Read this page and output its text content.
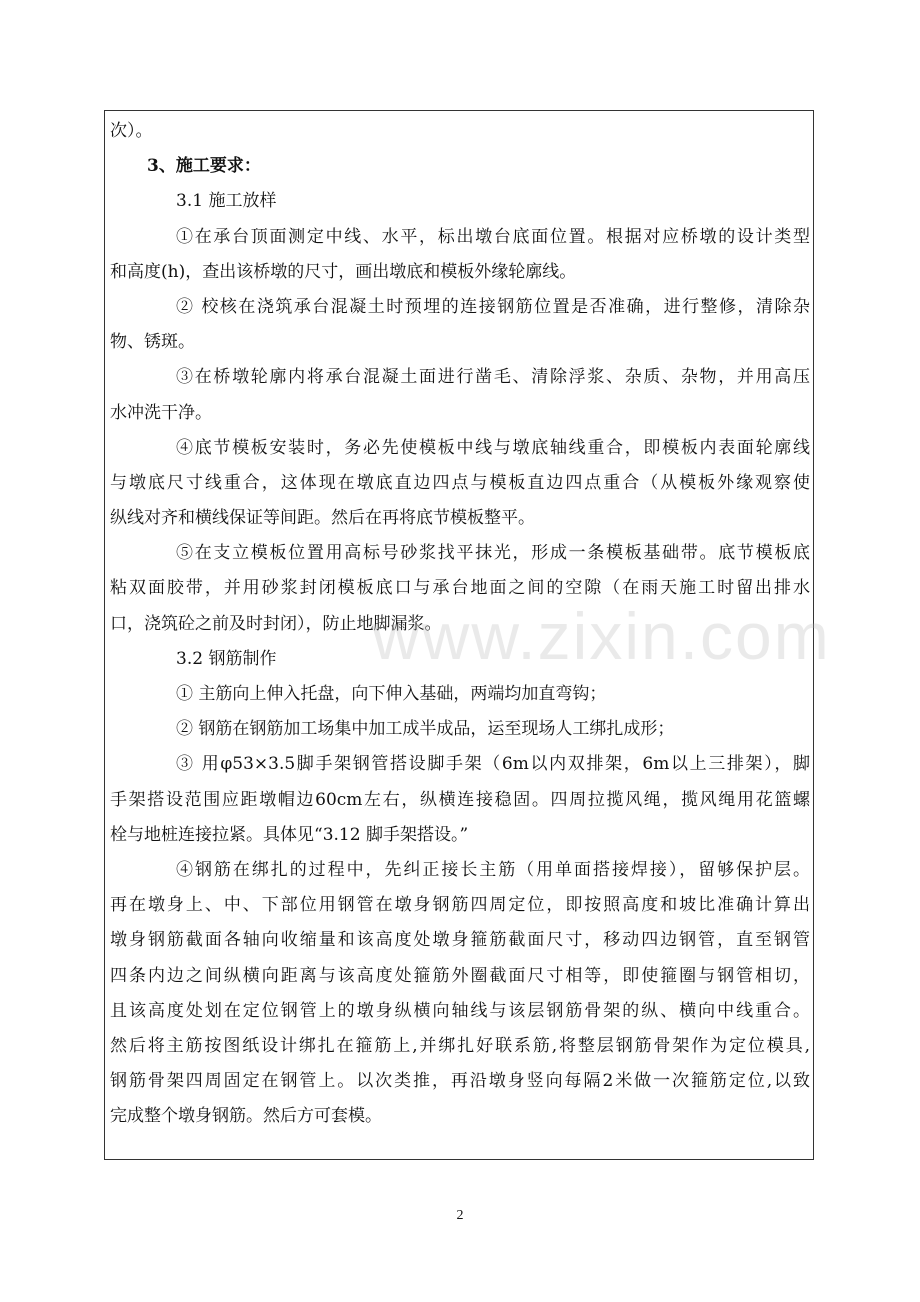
次）。
3、施工要求：
3.1 施工放样
①在承台顶面测定中线、水平，标出墩台底面位置。根据对应桥墩的设计类型
和高度(h)，查出该桥墩的尺寸，画出墩底和模板外缘轮廓线。
② 校核在浇筑承台混凝土时预埋的连接钢筋位置是否准确，进行整修，清除杂
物、锈斑。
③在桥墩轮廓内将承台混凝土面进行凿毛、清除浮浆、杂质、杂物，并用高压
水冲洗干净。
④底节模板安装时，务必先使模板中线与墩底轴线重合，即模板内表面轮廓线
与墩底尺寸线重合，这体现在墩底直边四点与模板直边四点重合（从模板外缘观察使
纵线对齐和横线保证等间距。然后在再将底节模板整平。
⑤在支立模板位置用高标号砂浆找平抹光，形成一条模板基础带。底节模板底
粘双面胶带，并用砂浆封闭模板底口与承台地面之间的空隙（在雨天施工时留出排水
口，浇筑砼之前及时封闭），防止地脚漏浆。
3.2 钢筋制作
① 主筋向上伸入托盘，向下伸入基础，两端均加直弯钩；
② 钢筋在钢筋加工场集中加工成半成品，运至现场人工绑扎成形；
③ 用φ53×3.5脚手架钢管搭设脚手架（6m以内双排架，6m以上三排架），脚
手架搭设范围应距墩帽边60cm左右，纵横连接稳固。四周拉揽风绳，揽风绳用花篮螺
栓与地桩连接拉紧。具体见“3.12 脚手架搭设。”
④钢筋在绑扎的过程中，先纠正接长主筋（用单面搭接焊接），留够保护层。
再在墩身上、中、下部位用钢管在墩身钢筋四周定位，即按照高度和坡比准确计算出
墩身钢筋截面各轴向收缩量和该高度处墩身箍筋截面尺寸，移动四边钢管，直至钢管
四条内边之间纵横向距离与该高度处箍筋外圈截面尺寸相等，即使箍圈与钢管相切，
且该高度处划在定位钢管上的墩身纵横向轴线与该层钢筋骨架的纵、横向中线重合。
然后将主筋按图纸设计绑扎在箍筋上,并绑扎好联系筋,将整层钢筋骨架作为定位模具,
钢筋骨架四周固定在钢管上。以次类推，再沿墩身竖向每隔2米做一次箍筋定位,以致
完成整个墩身钢筋。然后方可套模。
www.zixin.com
2
